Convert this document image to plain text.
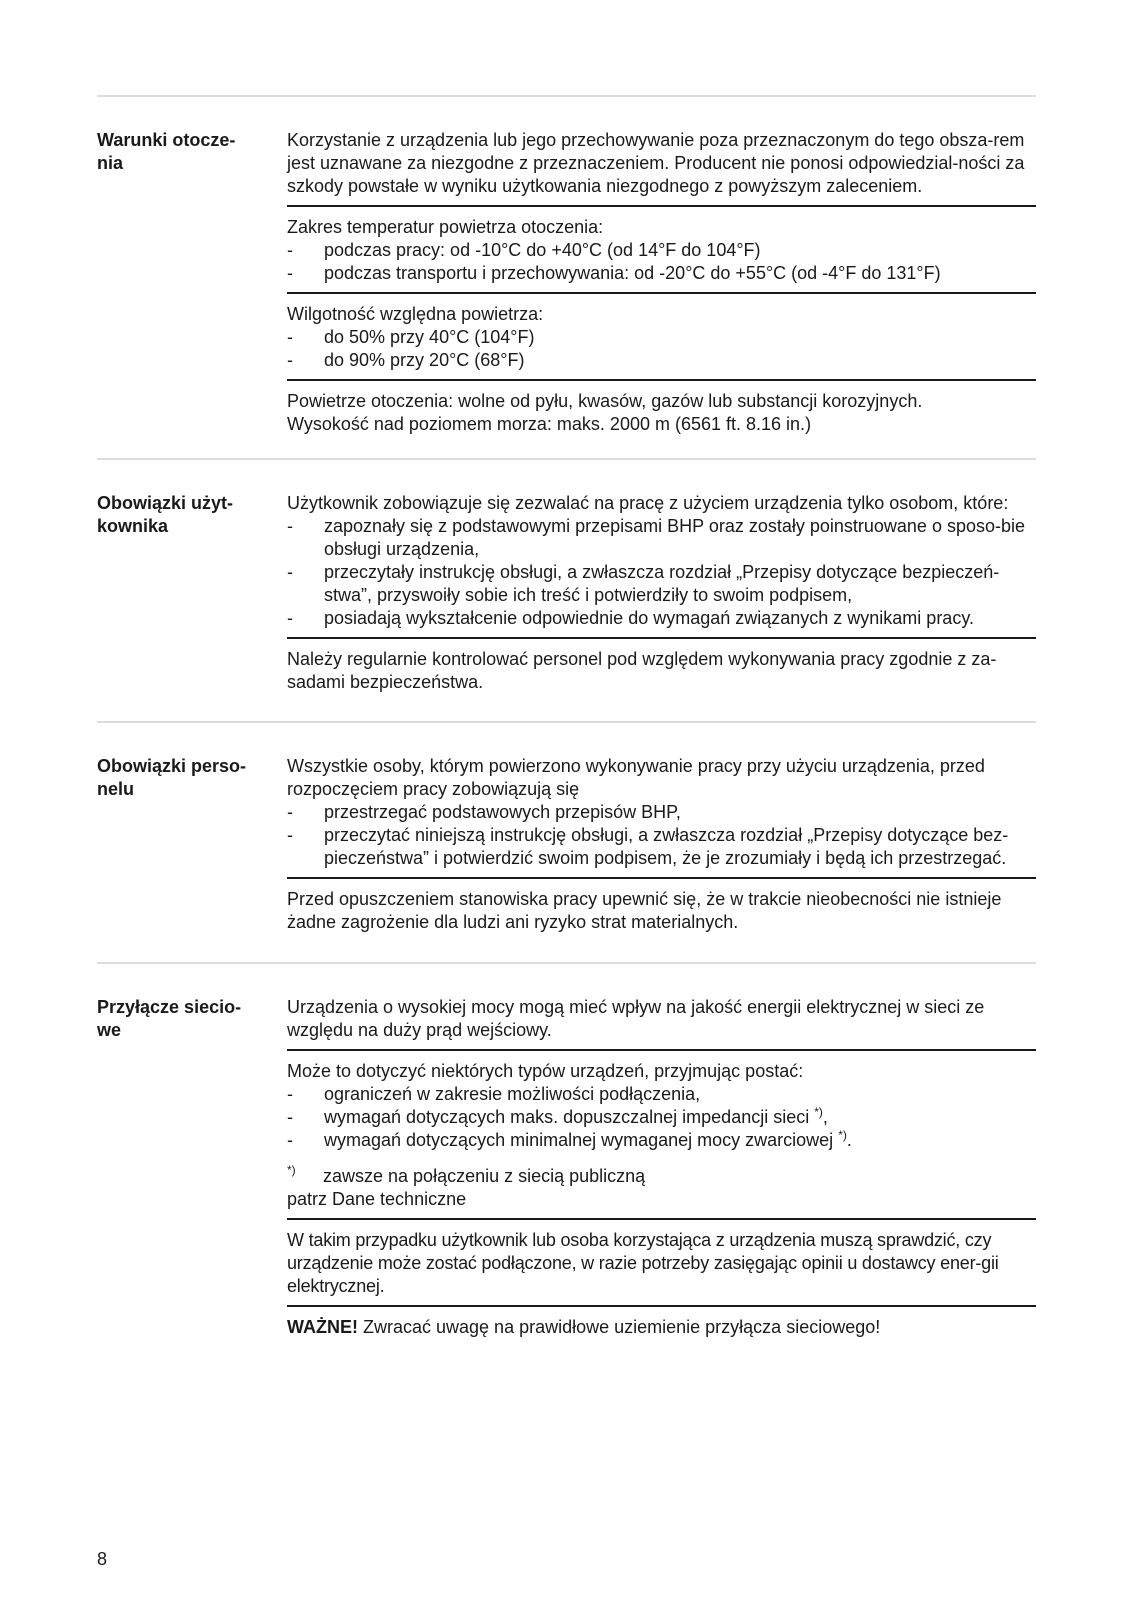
Warunki otocze-
nia

Korzystanie z urządzenia lub jego przechowywanie poza przeznaczonym do tego obsza-rem jest uznawane za niezgodne z przeznaczeniem. Producent nie ponosi odpowiedzial-ności za szkody powstałe w wyniku użytkowania niezgodnego z powyższym zaleceniem.

Zakres temperatur powietrza otoczenia:

- podczas pracy: od -10°C do +40°C (od 14°F do 104°F)
- podczas transportu i przechowywania: od -20°C do +55°C (od -4°F do 131°F)

Wilgotność względna powietrza:

- do 50% przy 40°C (104°F)
- do 90% przy 20°C (68°F)

Powietrze otoczenia: wolne od pyłu, kwasów, gazów lub substancji korozyjnych.

Wysokość nad poziomem morza: maks. 2000 m (6561 ft. 8.16 in.)

Obowiązki użyt-
kownika

Użytkownik zobowiązuje się zezwalać na pracę z użyciem urządzenia tylko osobom, które:

- zapoznały się z podstawowymi przepisami BHP oraz zostały poinstruowane o sposo-bie obsługi urządzenia,
- przeczytały instrukcję obsługi, a zwłaszcza rozdział „Przepisy dotyczące bezpieczeń-stwa”, przyswoiły sobie ich treść i potwierdziły to swoim podpisem,
- posiadają wykształcenie odpowiednie do wymagań związanych z wynikami pracy.

Należy regularnie kontrolować personel pod względem wykonywania pracy zgodnie z za-sadami bezpieczeństwa.

Obowiązki perso-
nelu

Wszystkie osoby, którym powierzono wykonywanie pracy przy użyciu urządzenia, przed rozpoczęciem pracy zobowiązują się

- przestrzegać podstawowych przepisów BHP,
- przeczytać niniejszą instrukcję obsługi, a zwłaszcza rozdział „Przepisy dotyczące bez-pieczeństwa” i potwierdzić swoim podpisem, że je zrozumiały i będą ich przestrzegać.

Przed opuszczeniem stanowiska pracy upewnić się, że w trakcie nieobecności nie istnieje żadne zagrożenie dla ludzi ani ryzyko strat materialnych.

Przyłącze siecio-
we

Urządzenia o wysokiej mocy mogą mieć wpływ na jakość energii elektrycznej w sieci ze względu na duży prąd wejściowy.

Może to dotyczyć niektórych typów urządzeń, przyjmując postać:

- ograniczeń w zakresie możliwości podłączenia,
- wymagań dotyczących maks. dopuszczalnej impedancji sieci *),
- wymagań dotyczących minimalnej wymaganej mocy zwarciowej *).
*) zawsze na połączeniu z siecią publiczną

patrz Dane techniczne

W takim przypadku użytkownik lub osoba korzystająca z urządzenia muszą sprawdzić, czy urządzenie może zostać podłączone, w razie potrzeby zasięgając opinii u dostawcy ener-gii elektrycznej.

WAŻNE! Zwracać uwagę na prawidłowe uziemienie przyłącza sieciowego!

8
